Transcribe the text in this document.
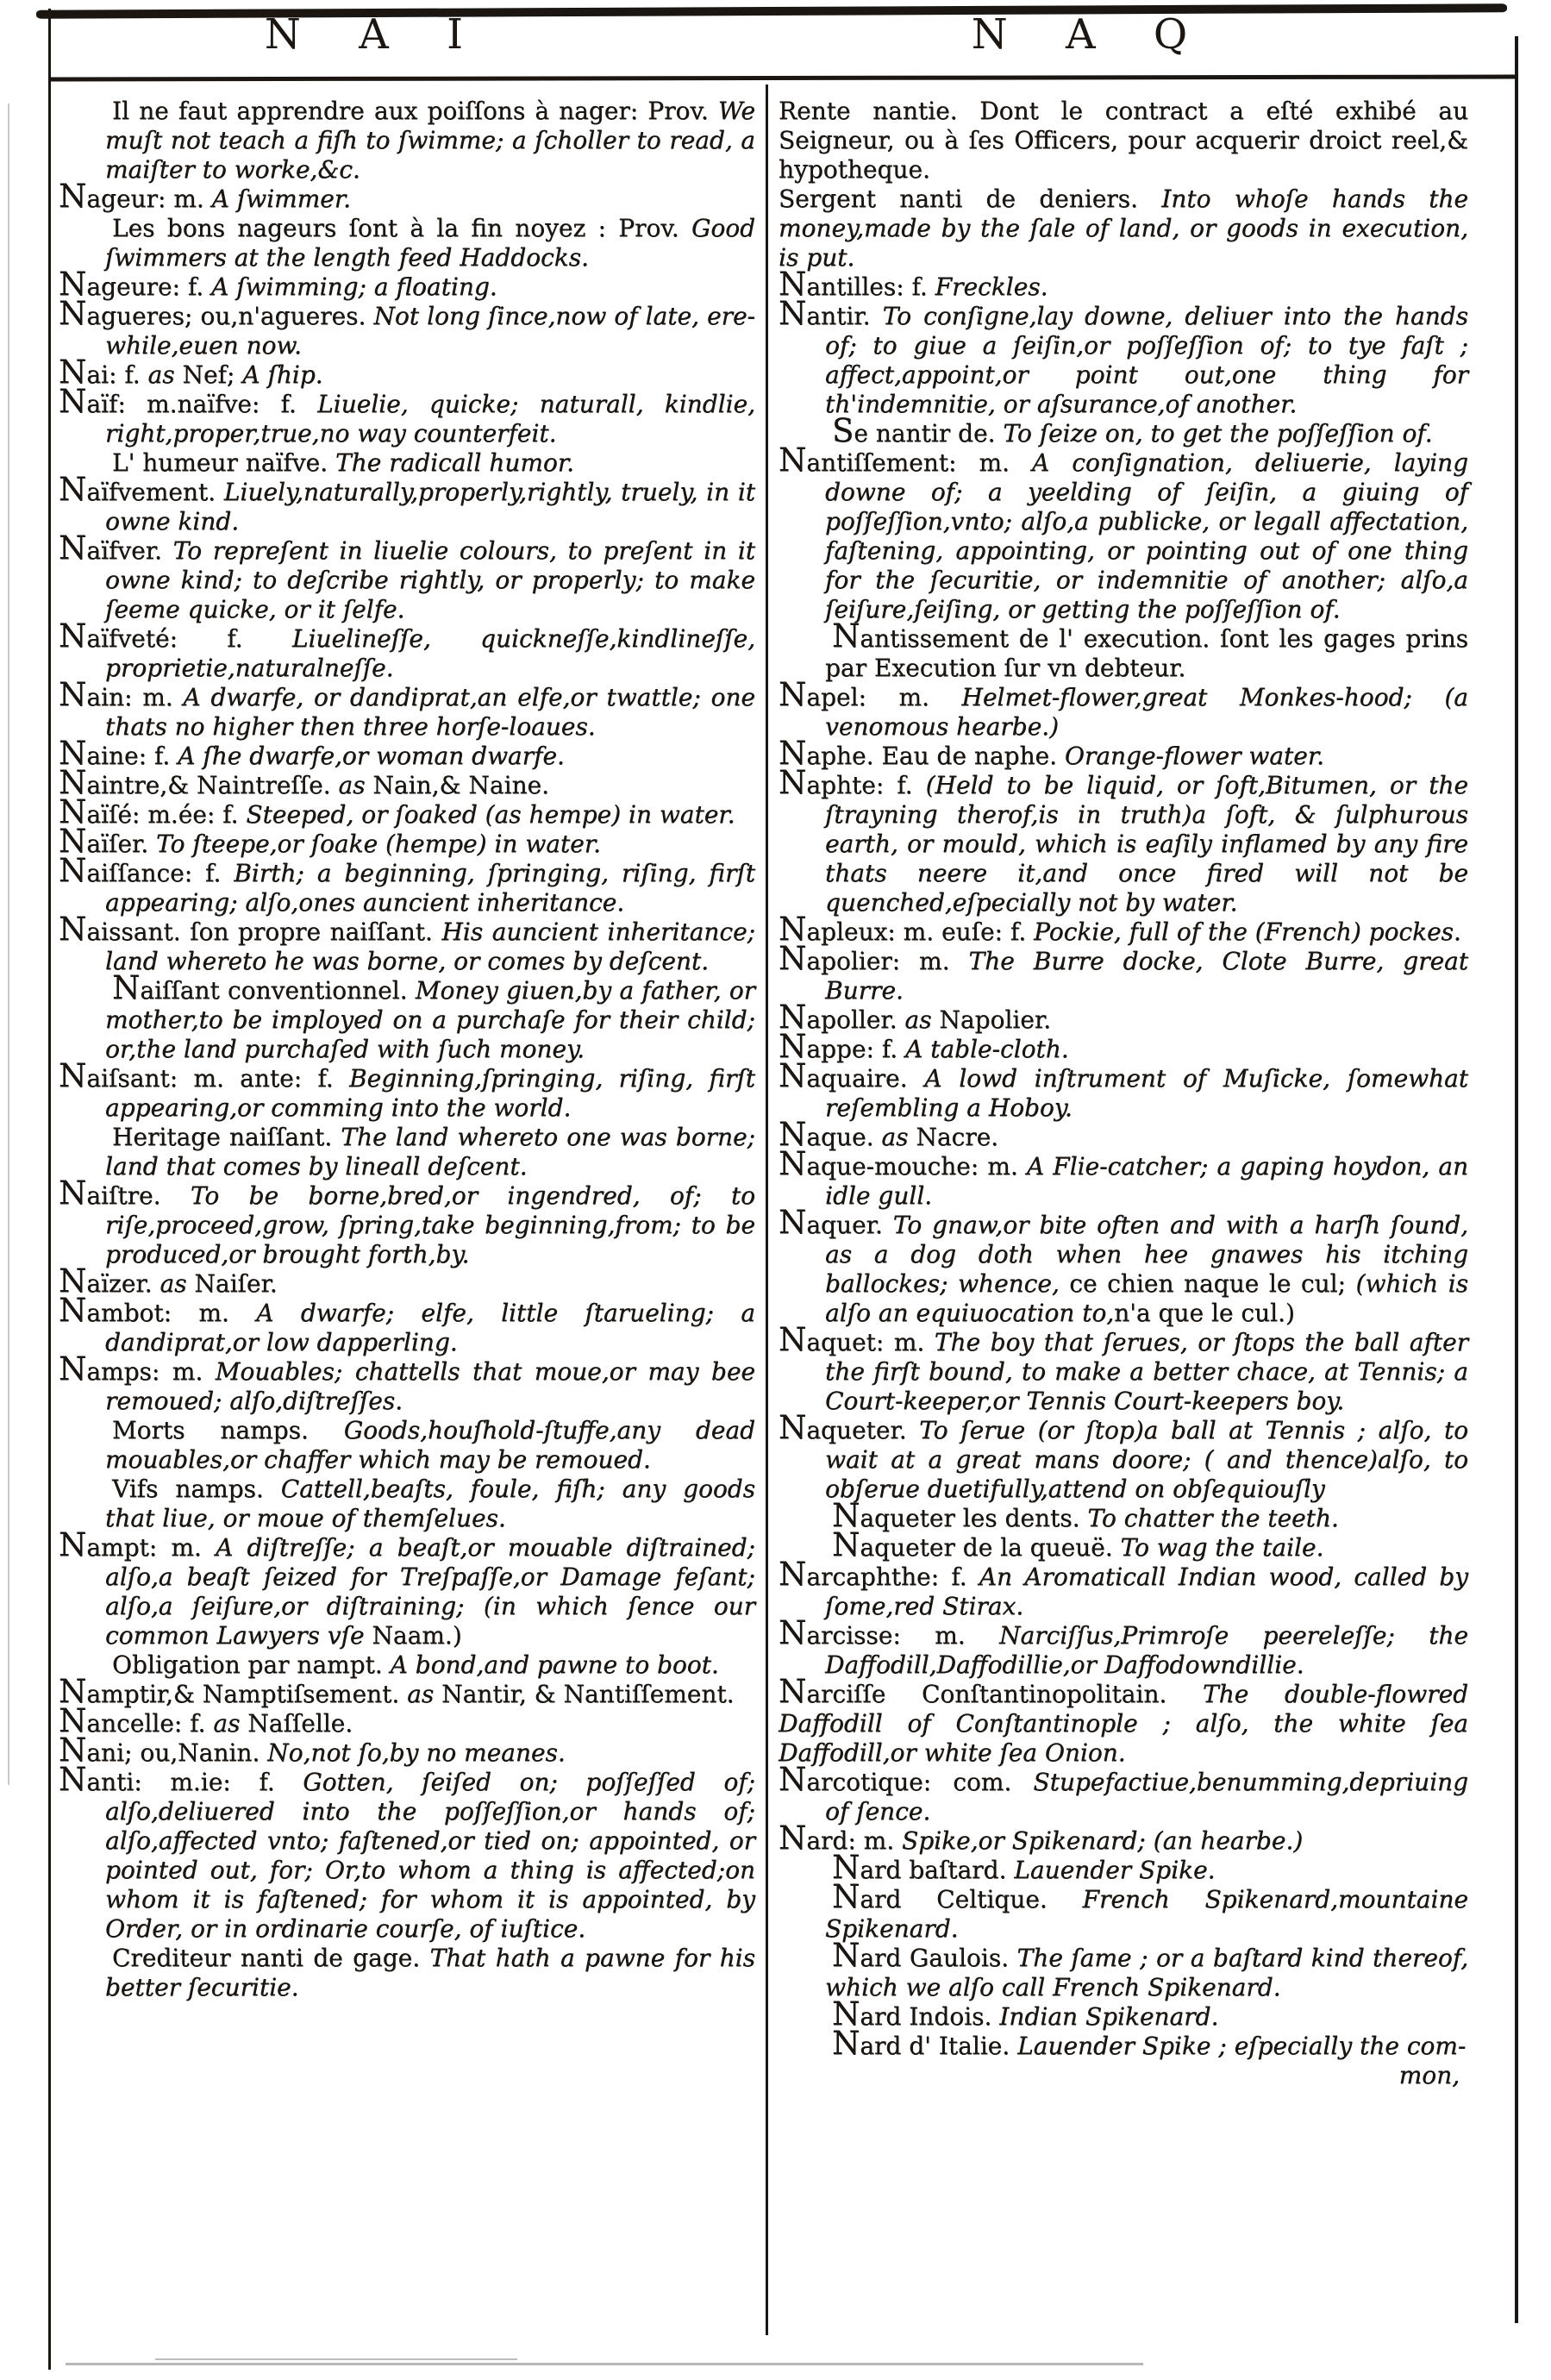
N A I	N A Q

Il ne faut apprendre aux poiſſons à nager: Prov. We muſt not teach a fiſh to ſwimme; a ſcholler to read, a maiſter to worke,&c.

Nageur: m. A ſwimmer.

Les bons nageurs ſont à la fin noyez : Prov. Good ſwimmers at the length feed Haddocks.

Nageure: f. A ſwimming; a floating.

Nagueres; ou,n'agueres. Not long ſince,now of late, ere-while,euen now.

Nai: f. as Nef; A ſhip.

Naïf: m.naïfve: f. Liuelie, quicke; naturall, kindlie, right,proper,true,no way counterfeit.

L' humeur naïfve. The radicall humor.

Naïfvement. Liuely,naturally,properly,rightly, truely, in it owne kind.

Naïfver. To repreſent in liuelie colours, to preſent in it owne kind; to deſcribe rightly, or properly; to make ſeeme quicke, or it ſelfe.

Naïfveté: f. Liuelineſſe, quickneſſe,kindlineſſe, proprietie,naturalneſſe.

Nain: m. A dwarfe, or dandiprat,an elfe,or twattle; one thats no higher then three horſe-loaues.

Naine: f. A ſhe dwarfe,or woman dwarfe.

Naintre,& Naintreſſe. as Nain,& Naine.

Naïſé: m.ée: f. Steeped, or ſoaked (as hempe) in water.

Naïſer. To ſteepe,or ſoake (hempe) in water.

Naiſſance: f. Birth; a beginning, ſpringing, riſing, firſt appearing; alſo,ones auncient inheritance.

Naissant. ſon propre naiſſant. His auncient inheritance; land whereto he was borne, or comes by deſcent.

Naiſſant conventionnel. Money giuen,by a father, or mother,to be imployed on a purchaſe for their child; or,the land purchaſed with ſuch money.

Naiſsant: m. ante: f. Beginning,ſpringing, riſing, firſt appearing,or comming into the world.

Heritage naiſſant. The land whereto one was borne; land that comes by lineall deſcent.

Naiſtre. To be borne,bred,or ingendred, of; to riſe,proceed,grow, ſpring,take beginning,from; to be produced,or brought forth,by.

Naïzer. as Naiſer.

Nambot: m. A dwarfe; elfe, little ſtarueling; a dandiprat,or low dapperling.

Namps: m. Mouables; chattells that moue,or may bee remoued; alſo,diſtreſſes.

Morts namps. Goods,houſhold-ſtuffe,any dead mouables,or chaffer which may be remoued.

Vifs namps. Cattell,beaſts, foule, fiſh; any goods that liue, or moue of themſelues.

Nampt: m. A diſtreſſe; a beaſt,or mouable diſtrained; alſo,a beaſt ſeized for Treſpaſſe,or Damage feſant; alſo,a ſeiſure,or diſtraining; (in which ſence our common Lawyers vſe Naam.)

Obligation par nampt. A bond,and pawne to boot.

Namptir,& Namptiſsement. as Nantir, & Nantiſſement.

Nancelle: f. as Naſſelle.

Nani; ou,Nanin. No,not ſo,by no meanes.

Nanti: m.ie: f. Gotten, ſeiſed on; poſſeſſed of; alſo,deliuered into the poſſeſſion,or hands of; alſo,affected vnto; faſtened,or tied on; appointed, or pointed out, for; Or,to whom a thing is affected;on whom it is faſtened; for whom it is appointed, by Order, or in ordinarie courſe, of iuſtice.

Crediteur nanti de gage. That hath a pawne for his better ſecuritie.

Rente nantie. Dont le contract a eſté exhibé au Seigneur, ou à ſes Officers, pour acquerir droict reel,& hypotheque.

Sergent nanti de deniers. Into whoſe hands the money,made by the ſale of land, or goods in execution, is put.

Nantilles: f. Freckles.

Nantir. To conſigne,lay downe, deliuer into the hands of; to giue a ſeiſin,or poſſeſſion of; to tye faſt ; affect,appoint,or point out,one thing for th'indemnitie, or aſsurance,of another.

Se nantir de. To ſeize on, to get the poſſeſſion of.

Nantiſſement: m. A conſignation, deliuerie, laying downe of; a yeelding of ſeiſin, a giuing of poſſeſſion,vnto; alſo,a publicke, or legall affectation, faſtening, appointing, or pointing out of one thing for the ſecuritie, or indemnitie of another; alſo,a ſeiſure,ſeiſing, or getting the poſſeſſion of.

Nantissement de l' execution. ſont les gages prins par Execution ſur vn debteur.

Napel: m. Helmet-flower,great Monkes-hood; (a venomous hearbe.)

Naphe. Eau de naphe. Orange-flower water.

Naphte: f. (Held to be liquid, or ſoft,Bitumen, or the ſtrayning therof,is in truth)a ſoft, & ſulphurous earth, or mould, which is eaſily inflamed by any fire thats neere it,and once fired will not be quenched,eſpecially not by water.

Napleux: m. euſe: f. Pockie, full of the (French) pockes.

Napolier: m. The Burre docke, Clote Burre, great Burre.

Napoller. as Napolier.

Nappe: f. A table-cloth.

Naquaire. A lowd inſtrument of Muſicke, ſomewhat reſembling a Hoboy.

Naque. as Nacre.

Naque-mouche: m. A Flie-catcher; a gaping hoydon, an idle gull.

Naquer. To gnaw,or bite often and with a harſh ſound, as a dog doth when hee gnawes his itching ballockes; whence, ce chien naque le cul; (which is alſo an equiuocation to,n'a que le cul.)

Naquet: m. The boy that ſerues, or ſtops the ball after the firſt bound, to make a better chace, at Tennis; a Court-keeper,or Tennis Court-keepers boy.

Naqueter. To ſerue (or ſtop)a ball at Tennis ; alſo, to wait at a great mans doore; ( and thence)alſo, to obſerue duetifully,attend on obſequiouſly

Naqueter les dents. To chatter the teeth.

Naqueter de la queuë. To wag the taile.

Narcaphthe: f. An Aromaticall Indian wood, called by ſome,red Stirax.

Narcisse: m. Narciſſus,Primroſe peereleſſe; the Daffodill,Daffodillie,or Daffodowndillie.

Narciſſe Conſtantinopolitain. The double-flowred Daffodill of Conſtantinople ; alſo, the white ſea Daffodill,or white ſea Onion.

Narcotique: com. Stupefactiue,benumming,depriuing of ſence.

Nard: m. Spike,or Spikenard; (an hearbe.)

Nard baſtard. Lauender Spike.

Nard Celtique. French Spikenard,mountaine Spikenard.

Nard Gaulois. The ſame ; or a baſtard kind thereof, which we alſo call French Spikenard.

Nard Indois. Indian Spikenard.

Nard d' Italie. Lauender Spike ; eſpecially the com-

mon,
